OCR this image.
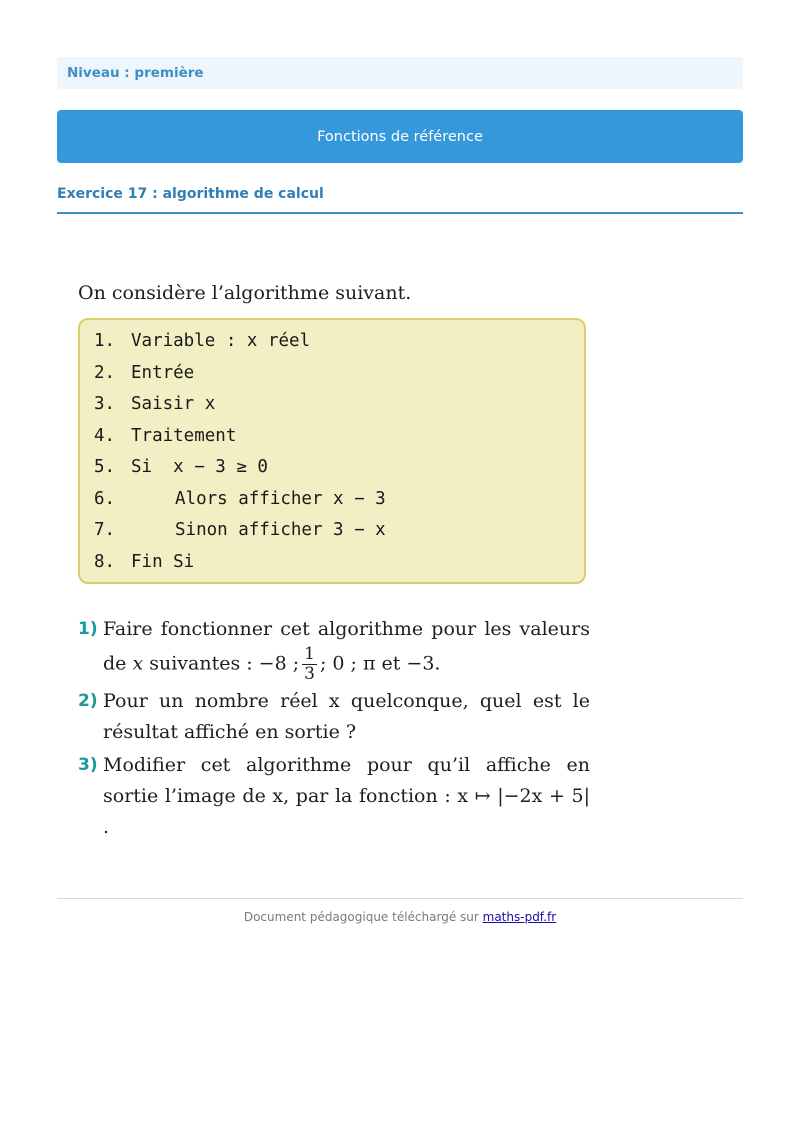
Niveau : première
Fonctions de référence
Exercice 17 : algorithme de calcul

On considère l’algorithme suivant.

1. Variable : x réel
2. Entrée
3. Saisir x
4. Traitement
5. Si  x − 3 ≥ 0
6.	Alors afficher x − 3
7.	Sinon afficher 3 − x
8. Fin Si
1) Faire fonctionner cet algorithme pour les valeurs de x suivantes : −8 ; $\frac{1}{3}$ ; 0 ; π et −3.
2) Pour un nombre réel x quelconque, quel est le résultat affiché en sortie ?
3) Modifier cet algorithme pour qu’il affiche en sortie l’image de x, par la fonction : x ↦ |−2x + 5| .
Document pédagogique téléchargé sur maths-pdf.fr
